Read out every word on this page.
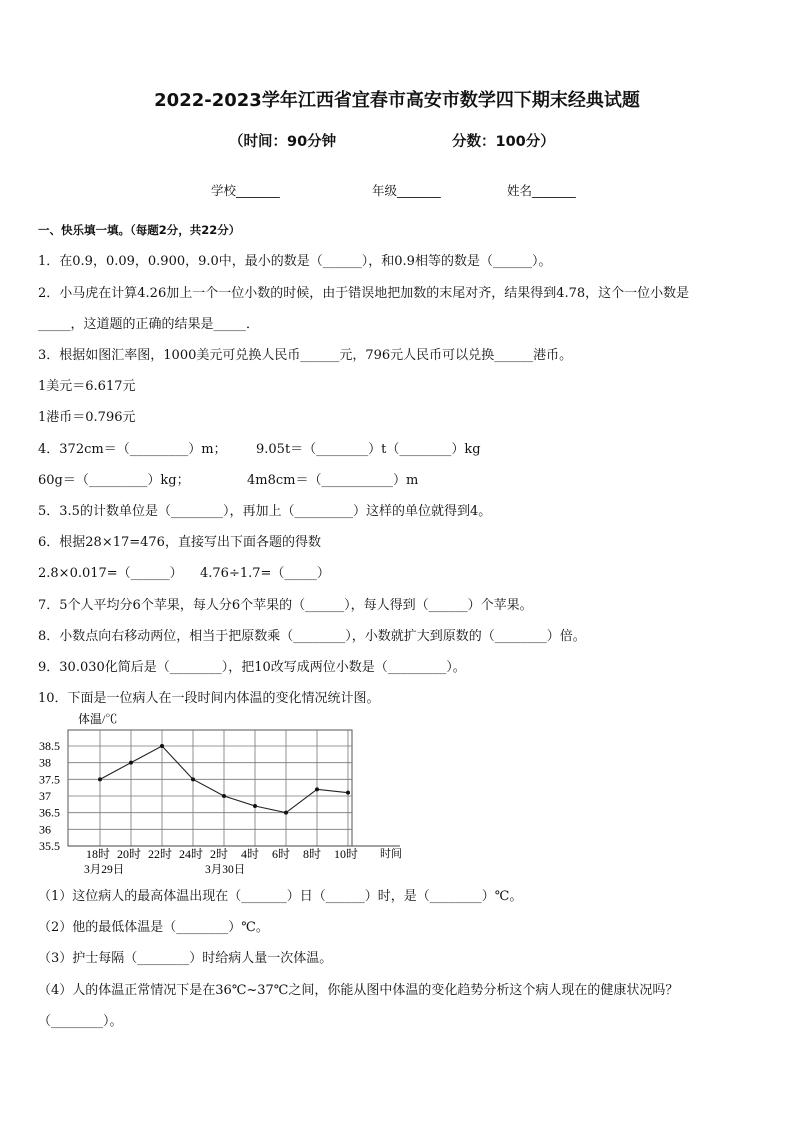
2022-2023学年江西省宜春市高安市数学四下期末经典试题
（时间：90分钟	分数：100分）
学校_______	年级_______	姓名_______
一、快乐填一填。（每题2分，共22分）
1．在0.9，0.09，0.900，9.0中，最小的数是（______），和0.9相等的数是（______）。
2．小马虎在计算4.26加上一个一位小数的时候，由于错误地把加数的末尾对齐，结果得到4.78，这个一位小数是
_____，这道题的正确的结果是_____．
3．根据如图汇率图，1000美元可兑换人民币______元，796元人民币可以兑换______港币。
1美元＝6.617元
1港币＝0.796元
4．372cm＝（_________）m； 9.05t＝（________）t（________）kg
60g＝（_________）kg；	4m8cm＝（___________）m
5．3.5的计数单位是（________），再加上（_________）这样的单位就得到4。
6．根据28×17=476，直接写出下面各题的得数
2.8×0.017=（______） 4.76÷1.7=（_____）
7．5个人平均分6个苹果，每人分6个苹果的（______），每人得到（______）个苹果。
8．小数点向右移动两位，相当于把原数乘（________），小数就扩大到原数的（________）倍。
9．30.030化简后是（________），把10改写成两位小数是（_________）。
10．下面是一位病人在一段时间内体温的变化情况统计图。
体温/℃
时间
38.5
38
37.5
37
36.5
36
35.5
18时 20时 22时 24时 2时 4时 6时 8时 10时
3月29日	3月30日
（1）这位病人的最高体温出现在（_______）日（______）时，是（________）℃。
（2）他的最低体温是（________）℃。
（3）护士每隔（________）时给病人量一次体温。
（4）人的体温正常情况下是在36℃~37℃之间，你能从图中体温的变化趋势分析这个病人现在的健康状况吗？
（________）。
